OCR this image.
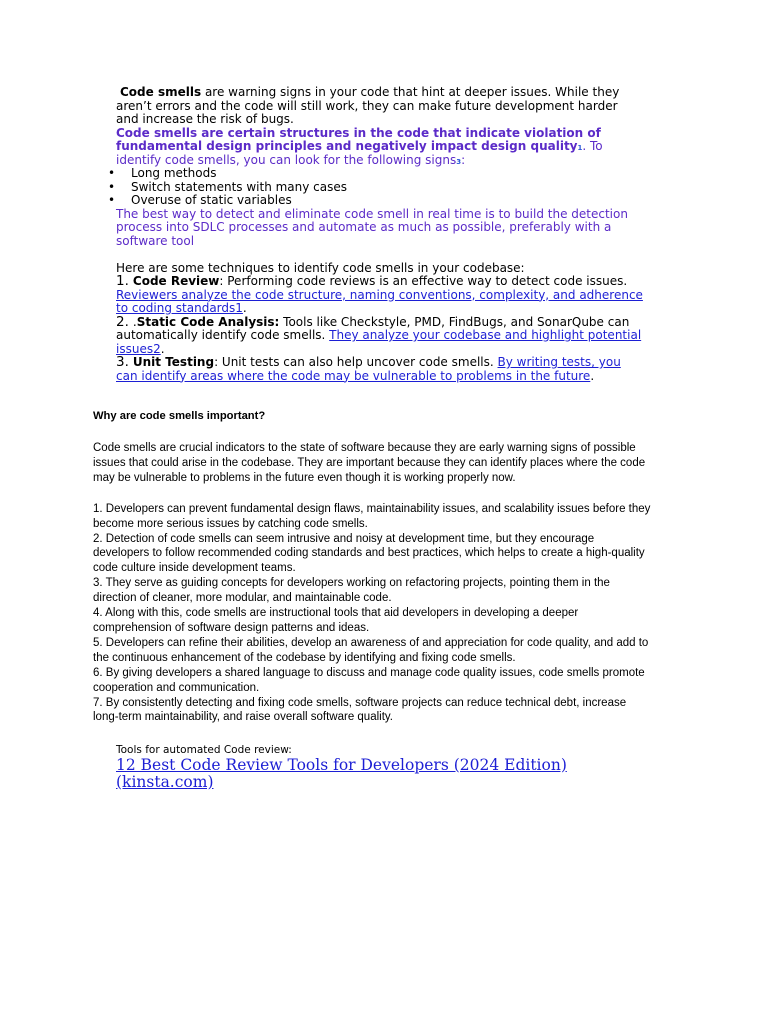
Code smells are warning signs in your code that hint at deeper issues. While they aren’t errors and the code will still work, they can make future development harder and increase the risk of bugs.

Code smells are certain structures in the code that indicate violation of fundamental design principles and negatively impact design quality1. To identify code smells, you can look for the following signs3:

• Long methods
• Switch statements with many cases
• Overuse of static variables

The best way to detect and eliminate code smell in real time is to build the detection process into SDLC processes and automate as much as possible, preferably with a software tool

Here are some techniques to identify code smells in your codebase:

1. Code Review: Performing code reviews is an effective way to detect code issues. Reviewers analyze the code structure, naming conventions, complexity, and adherence to coding standards1.

2. .Static Code Analysis: Tools like Checkstyle, PMD, FindBugs, and SonarQube can automatically identify code smells. They analyze your codebase and highlight potential issues2.

3. Unit Testing: Unit tests can also help uncover code smells. By writing tests, you can identify areas where the code may be vulnerable to problems in the future.

Why are code smells important?

Code smells are crucial indicators to the state of software because they are early warning signs of possible issues that could arise in the codebase. They are important because they can identify places where the code may be vulnerable to problems in the future even though it is working properly now.

1. Developers can prevent fundamental design flaws, maintainability issues, and scalability issues before they become more serious issues by catching code smells.

2. Detection of code smells can seem intrusive and noisy at development time, but they encourage developers to follow recommended coding standards and best practices, which helps to create a high-quality code culture inside development teams.

3. They serve as guiding concepts for developers working on refactoring projects, pointing them in the direction of cleaner, more modular, and maintainable code.

4. Along with this, code smells are instructional tools that aid developers in developing a deeper comprehension of software design patterns and ideas.

5. Developers can refine their abilities, develop an awareness of and appreciation for code quality, and add to the continuous enhancement of the codebase by identifying and fixing code smells.

6. By giving developers a shared language to discuss and manage code quality issues, code smells promote cooperation and communication.

7. By consistently detecting and fixing code smells, software projects can reduce technical debt, increase long-term maintainability, and raise overall software quality.

Tools for automated Code review:

12 Best Code Review Tools for Developers (2024 Edition) (kinsta.com)
